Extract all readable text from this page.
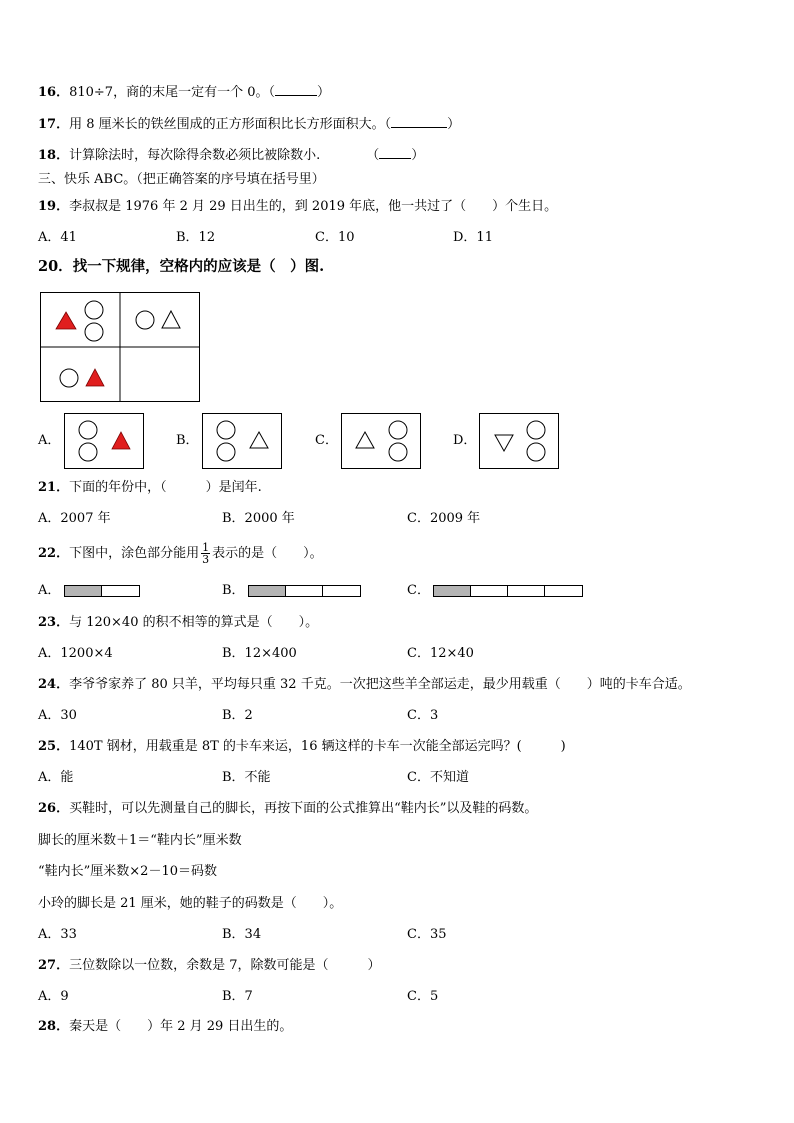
16．810÷7，商的末尾一定有一个 0。（	）
17．用 8 厘米长的铁丝围成的正方形面积比长方形面积大。（	）
18．计算除法时，每次除得余数必须比被除数小.	（ ）
三、快乐 ABC。（把正确答案的序号填在括号里）
19．李叔叔是 1976 年 2 月 29 日出生的，到 2019 年底，他一共过了（　　）个生日。
A．41	B．12	C．10	D．11
20．找一下规律，空格内的应该是（　）图.
A．	B．	C．	D．
21．下面的年份中，（　　　）是闰年.
A．2007 年	B．2000 年	C．2009 年
22．下图中，涂色部分能用 $\frac{1}{3}$ 表示的是（　　）。
A．	B．	C．
23．与 120×40 的积不相等的算式是（　　）。
A．1200×4	B．12×400	C．12×40
24．李爷爷家养了 80 只羊，平均每只重 32 千克。一次把这些羊全部运走，最少用载重（　　）吨的卡车合适。
A．30	B．2	C．3
25．140T 钢材，用载重是 8T 的卡车来运，16 辆这样的卡车一次能全部运完吗？(　　　)
A．能	B．不能	C．不知道
26．买鞋时，可以先测量自己的脚长，再按下面的公式推算出“鞋内长”以及鞋的码数。
脚长的厘米数＋1＝“鞋内长”厘米数
“鞋内长”厘米数×2－10＝码数
小玲的脚长是 21 厘米，她的鞋子的码数是（　　）。
A．33	B．34	C．35
27．三位数除以一位数，余数是 7，除数可能是（　　　）
A．9	B．7	C．5
28．秦天是（　　）年 2 月 29 日出生的。
